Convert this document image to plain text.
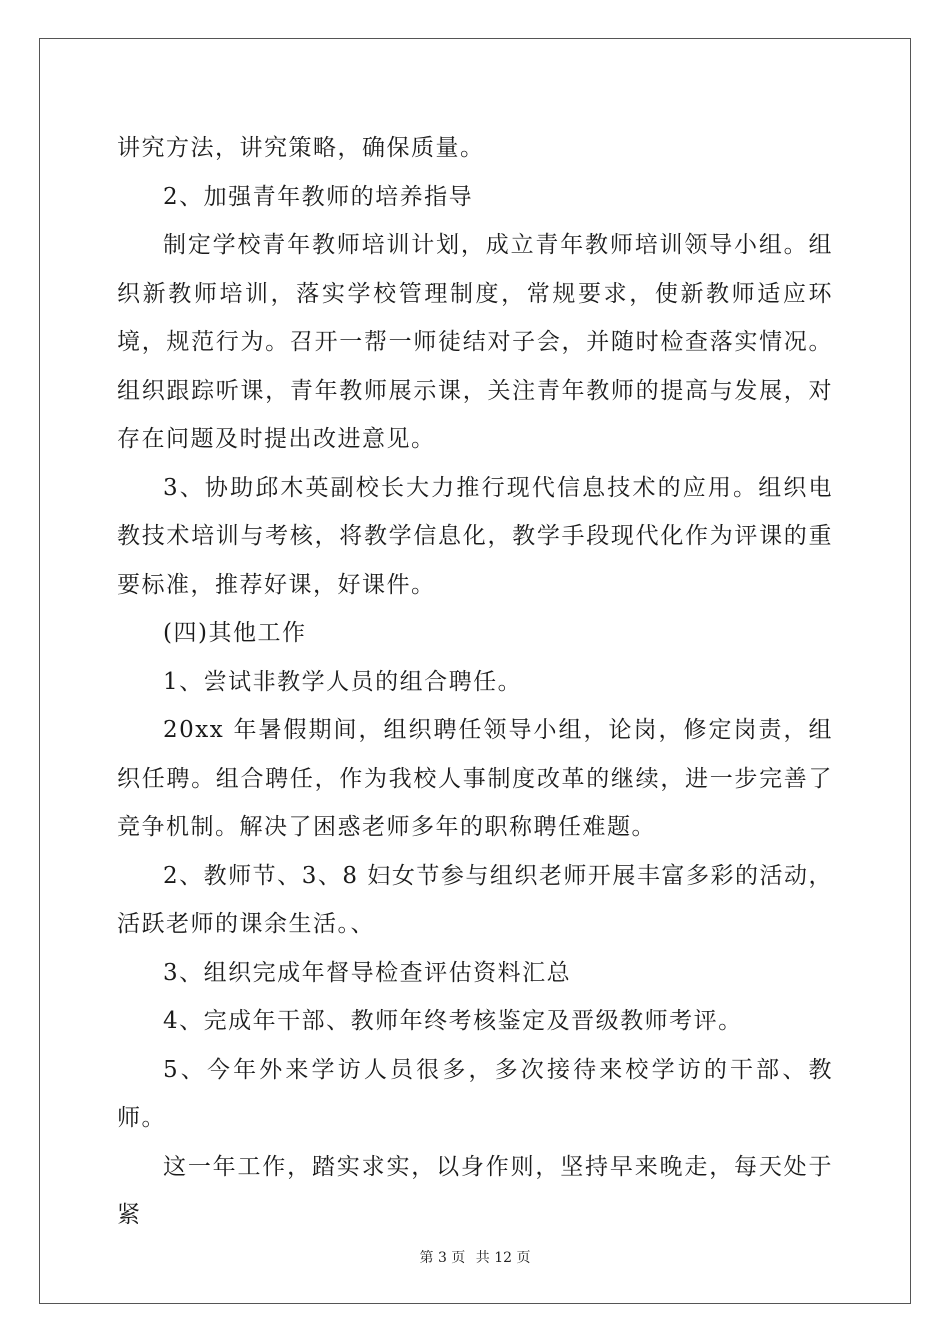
讲究方法，讲究策略，确保质量。

2、加强青年教师的培养指导

制定学校青年教师培训计划，成立青年教师培训领导小组。组织新教师培训，落实学校管理制度，常规要求，使新教师适应环境，规范行为。召开一帮一师徒结对子会，并随时检查落实情况。组织跟踪听课，青年教师展示课，关注青年教师的提高与发展，对存在问题及时提出改进意见。

3、协助邱木英副校长大力推行现代信息技术的应用。组织电教技术培训与考核，将教学信息化，教学手段现代化作为评课的重要标准，推荐好课，好课件。

(四)其他工作

1、尝试非教学人员的组合聘任。

20xx 年暑假期间，组织聘任领导小组，论岗，修定岗责，组织任聘。组合聘任，作为我校人事制度改革的继续，进一步完善了竞争机制。解决了困惑老师多年的职称聘任难题。

2、教师节、3、8 妇女节参与组织老师开展丰富多彩的活动，活跃老师的课余生活。、

3、组织完成年督导检查评估资料汇总

4、完成年干部、教师年终考核鉴定及晋级教师考评。

5、今年外来学访人员很多，多次接待来校学访的干部、教师。

这一年工作，踏实求实，以身作则，坚持早来晚走，每天处于紧

第 3 页 共 12 页
